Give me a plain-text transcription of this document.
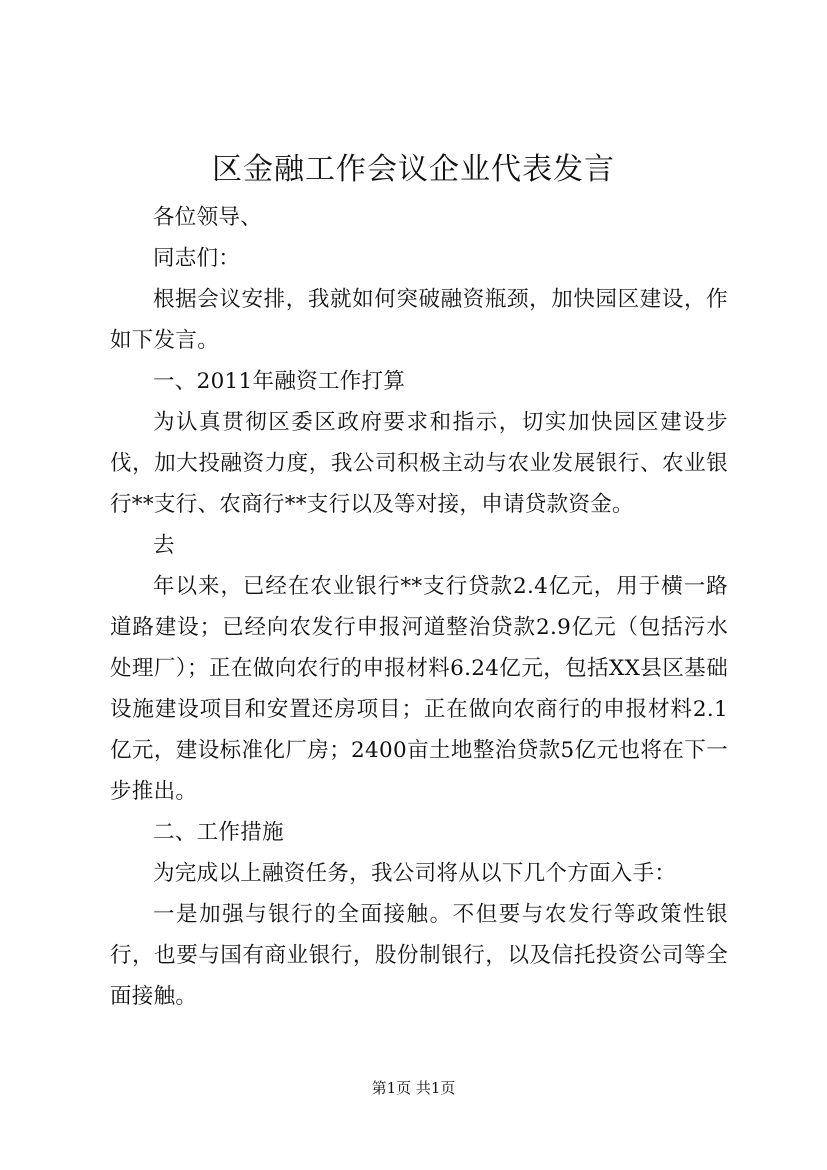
区金融工作会议企业代表发言

各位领导、

同志们：

根据会议安排，我就如何突破融资瓶颈，加快园区建设，作如下发言。

一、2011年融资工作打算

为认真贯彻区委区政府要求和指示，切实加快园区建设步伐，加大投融资力度，我公司积极主动与农业发展银行、农业银行**支行、农商行**支行以及等对接，申请贷款资金。

去

年以来，已经在农业银行**支行贷款2.4亿元，用于横一路道路建设；已经向农发行申报河道整治贷款2.9亿元（包括污水处理厂）；正在做向农行的申报材料6.24亿元，包括XX县区基础设施建设项目和安置还房项目；正在做向农商行的申报材料2.1亿元，建设标准化厂房；2400亩土地整治贷款5亿元也将在下一步推出。

二、工作措施

为完成以上融资任务，我公司将从以下几个方面入手：

一是加强与银行的全面接触。不但要与农发行等政策性银行，也要与国有商业银行，股份制银行，以及信托投资公司等全面接触。

第1页 共1页
